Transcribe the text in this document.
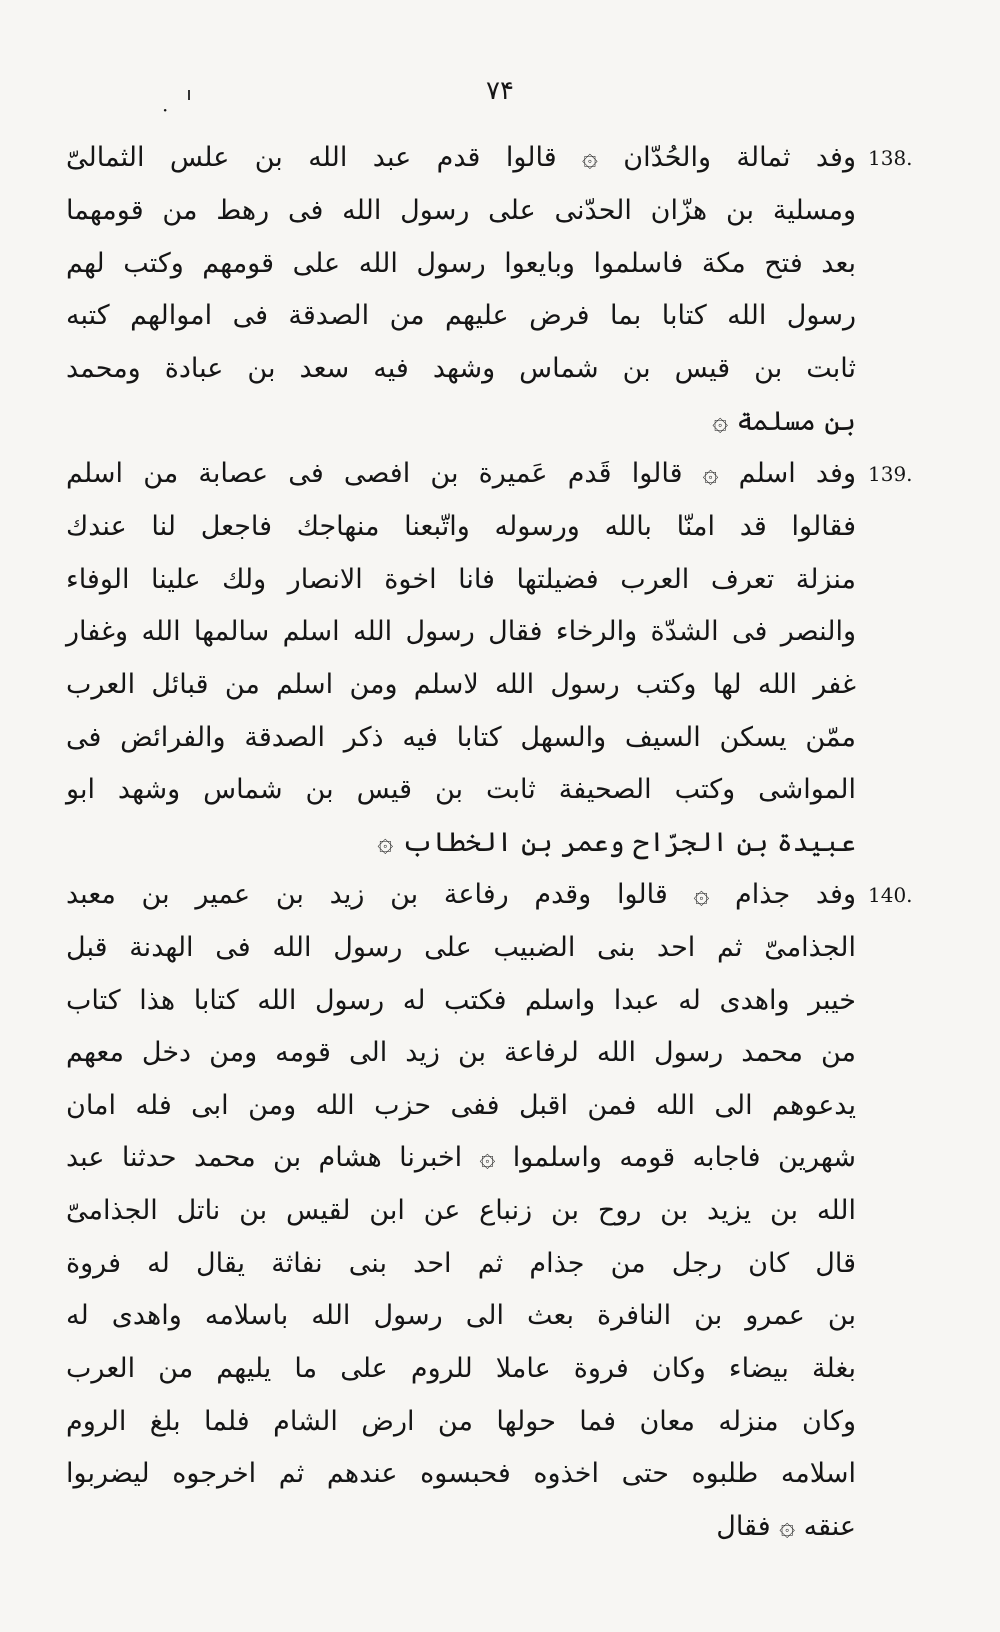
٧۴
·
138.
وفد ثمالة والحُدّان ۞ قالوا قدم عبد الله بن علس الثمالىّ
ومسلية بن هزّان الحدّنى على رسول الله فى رهط من قومهما
بعد فتح مكة فاسلموا وبايعوا رسول الله على قومهم وكتب لهم
رسول الله كتابا بما فرض عليهم من الصدقة فى اموالهم كتبه
ثابت بن قيس بن شماس وشهد فيه سعد بن عبادة ومحمد
بن مسلمة ۞
139.
وفد اسلم ۞ قالوا قَدم عَميرة بن افصى فى عصابة من اسلم
فقالوا قد امنّا بالله ورسوله واتّبعنا منهاجك فاجعل لنا عندك
منزلة تعرف العرب فضيلتها فانا اخوة الانصار ولك علينا الوفاء
والنصر فى الشدّة والرخاء فقال رسول الله اسلم سالمها الله وغفار
غفر الله لها وكتب رسول الله لاسلم ومن اسلم من قبائل العرب
ممّن يسكن السيف والسهل كتابا فيه ذكر الصدقة والفرائض فى
المواشى وكتب الصحيفة ثابت بن قيس بن شماس وشهد ابو
عبيدة بن الجرّاح وعمر بن الخطاب ۞
140.
وفد جذام ۞ قالوا وقدم رفاعة بن زيد بن عمير بن معبد
الجذامىّ ثم احد بنى الضبيب على رسول الله فى الهدنة قبل
خيبر واهدى له عبدا واسلم فكتب له رسول الله كتابا هذا كتاب
من محمد رسول الله لرفاعة بن زيد الى قومه ومن دخل معهم
يدعوهم الى الله فمن اقبل ففى حزب الله ومن ابى فله امان
شهرين فاجابه قومه واسلموا ۞ اخبرنا هشام بن محمد حدثنا عبد
الله بن يزيد بن روح بن زنباع عن ابن لقيس بن ناتل الجذامىّ
قال كان رجل من جذام ثم احد بنى نفاثة يقال له فروة
بن عمرو بن النافرة بعث الى رسول الله باسلامه واهدى له
بغلة بيضاء وكان فروة عاملا للروم على ما يليهم من العرب
وكان منزله معان فما حولها من ارض الشام فلما بلغ الروم
اسلامه طلبوه حتى اخذوه فحبسوه عندهم ثم اخرجوه ليضربوا
عنقه ۞ فقال
